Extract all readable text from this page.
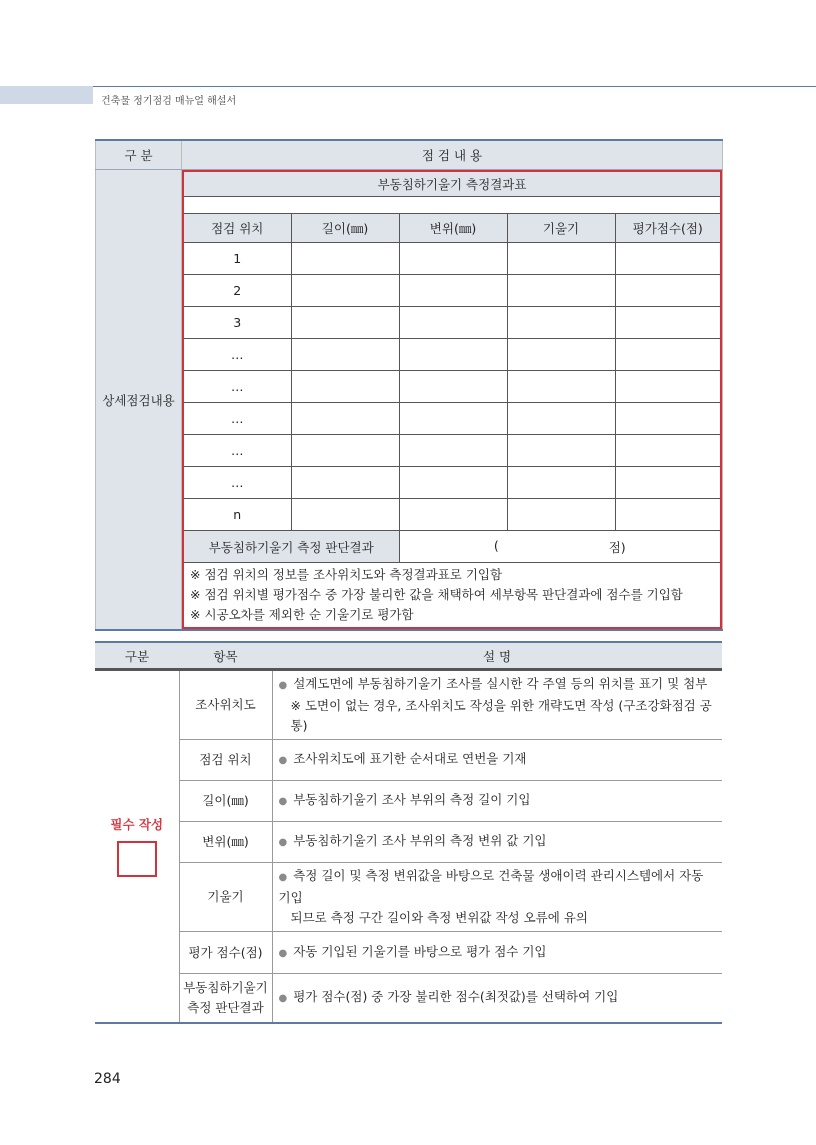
건축물 정기점검 매뉴얼 해설서
구 분	점 검 내 용
상세점검내용	
부동침하기울기 측정결과표

점검 위치	길이(㎜)	변위(㎜)	기울기	평가점수(점)
1				
2				
3				
…				
…				
…				
…				
…				
n				
부동침하기울기 측정 판단결과	(	점)

※ 점검 위치의 정보를 조사위치도와 측정결과표로 기입함
※ 점검 위치별 평가점수 중 가장 불리한 값을 채택하여 세부항목 판단결과에 점수를 기입함
※ 시공오차를 제외한 순 기울기로 평가함
구분	항목	설 명

필수 작성	조사위치도	● 설계도면에 부동침하기울기 조사를 실시한 각 주열 등의 위치를 표기 및 첨부
※ 도면이 없는 경우, 조사위치도 작성을 위한 개략도면 작성 (구조강화점검 공통)

	점검 위치	● 조사위치도에 표기한 순서대로 연번을 기재
	길이(㎜)	● 부동침하기울기 조사 부위의 측정 길이 기입
	변위(㎜)	● 부동침하기울기 조사 부위의 측정 변위 값 기입
	기울기	● 측정 길이 및 측정 변위값을 바탕으로 건축물 생애이력 관리시스템에서 자동 기입
되므로 측정 구간 길이와 측정 변위값 작성 오류에 유의

	평가 점수(점)	● 자동 기입된 기울기를 바탕으로 평가 점수 기입

	부동침하기울기
측정 판단결과	● 평가 점수(점) 중 가장 불리한 점수(최젓값)를 선택하여 기입
284
